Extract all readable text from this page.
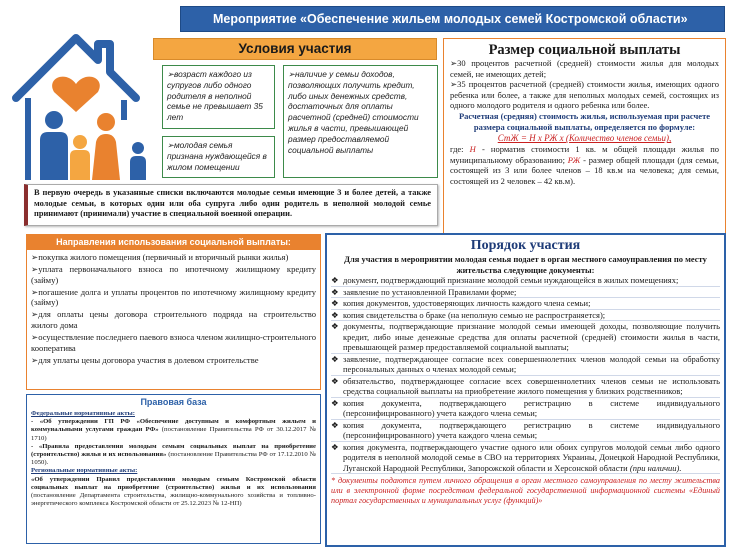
Мероприятие «Обеспечение жильем молодых семей Костромской области»
Условия участия
➢возраст каждого из супругов либо одного родителя в неполной семье не превышает 35 лет
➢молодая семья признана нуждающейся в жилом помещении
➢наличие у семьи доходов, позволяющих получить кредит, либо иных денежных средств, достаточных для оплаты расчетной (средней) стоимости жилья в части, превышающей размер предоставляемой социальной выплаты
Размер социальной выплаты
➢30 процентов расчетной (средней) стоимости жилья для молодых семей, не имеющих детей;
➢35 процентов расчетной (средней) стоимости жилья, имеющих одного ребенка или более, а также для неполных молодых семей, состоящих из одного молодого родителя и одного ребенка или более.
Расчетная (средняя) стоимость жилья, используемая при расчете размера социальной выплаты, определяется по формуле:
СтЖ = Н х РЖ х (Количество членов семьи),
где: Н - норматив стоимости 1 кв. м общей площади жилья по муниципальному образованию; РЖ - размер общей площади (для семьи, состоящей из 3 или более членов – 18 кв.м на человека; для семьи, состоящей из 2 человек – 42 кв.м).
В первую очередь в указанные списки включаются молодые семьи имеющие 3 и более детей, а также молодые семьи, в которых один или оба супруга либо один родитель в неполной молодой семье принимают (принимали) участие в специальной военной операции.
Направления использования социальной выплаты:
➢покупка жилого помещения (первичный и вторичный рынки жилья)
➢уплата первоначального взноса по ипотечному жилищному кредиту (займу)
➢погашение долга и уплаты процентов по ипотечному жилищному кредиту (займу)
➢для оплаты цены договора строительного подряда на строительство жилого дома
➢осуществление последнего паевого взноса членом жилищно-строительного кооператива
➢для уплаты цены договора участия в долевом строительстве
Правовая база
Федеральные нормативные акты:
- «Об утверждении ГП РФ «Обеспечение доступным и комфортным жильем и коммунальными услугами граждан РФ» (постановление Правительства РФ от 30.12.2017 № 1710)
- «Правила предоставления молодым семьям социальных выплат на приобретение (строительство) жилья и их использования» (постановление Правительства РФ от 17.12.2010 № 1050).
Региональные нормативные акты:
«Об утверждении Правил предоставления молодым семьям Костромской области социальных выплат на приобретение (строительство) жилья и их использования (постановление Департамента строительства, жилищно-коммунального хозяйства и топливно-энергетического комплекса Костромской области от 25.12.2023 № 12-НП)
Порядок участия
Для участия в мероприятии молодая семья подает в орган местного самоуправления по месту жительства следующие документы:
❖ документ, подтверждающий признание молодой семьи нуждающейся в жилых помещениях;
❖ заявление по установленной Правилами форме;
❖ копия документов, удостоверяющих личность каждого члена семьи;
❖ копия свидетельства о браке (на неполную семью не распространяется);
❖ документы, подтверждающие признание молодой семьи имеющей доходы, позволяющие получить кредит, либо иные денежные средства для оплаты расчетной (средней) стоимости жилья в части, превышающей размер предоставляемой социальной выплаты;
❖ заявление, подтверждающее согласие всех совершеннолетних членов молодой семьи на обработку персональных данных о членах молодой семьи;
❖ обязательство, подтверждающее согласие всех совершеннолетних членов семьи не использовать средства социальной выплаты на приобретение жилого помещения у близких родственников;
❖ копия документа, подтверждающего регистрацию в системе индивидуального (персонифицированного) учета каждого члена семьи;
❖ копия документа, подтверждающего регистрацию в системе индивидуального (персонифицированного) учета каждого члена семьи;
❖ копия документа, подтверждающего участие одного или обоих супругов молодой семьи либо одного родителя в неполной молодой семье в СВО на территориях Украины, Донецкой Народной Республики, Луганской Народной Республики, Запорожской области и Херсонской области (при наличии).
* документы подаются путем личного обращения в орган местного самоуправления по месту жительства или в электронной форме посредством федеральной государственной информационной системы «Единый портал государственных и муниципальных услуг (функций)»
